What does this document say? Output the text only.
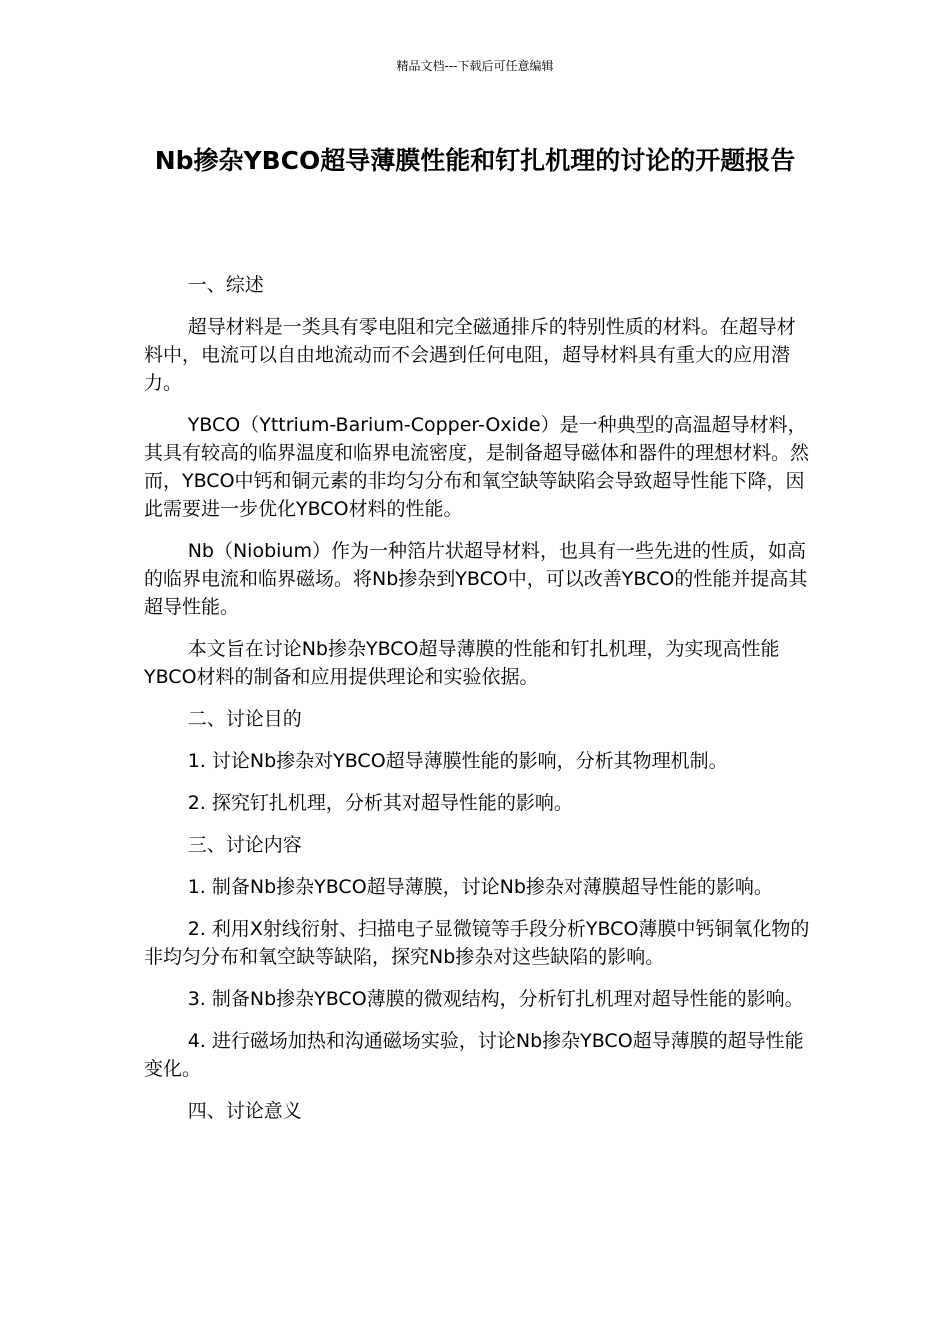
精品文档---下载后可任意编辑
Nb掺杂YBCO超导薄膜性能和钉扎机理的讨论的开题报告

一、综述

超导材料是一类具有零电阻和完全磁通排斥的特别性质的材料。在超导材料中，电流可以自由地流动而不会遇到任何电阻，超导材料具有重大的应用潜力。

YBCO（Yttrium-Barium-Copper-Oxide）是一种典型的高温超导材料，其具有较高的临界温度和临界电流密度，是制备超导磁体和器件的理想材料。然而，YBCO中钙和铜元素的非均匀分布和氧空缺等缺陷会导致超导性能下降，因此需要进一步优化YBCO材料的性能。

Nb（Niobium）作为一种箔片状超导材料，也具有一些先进的性质，如高的临界电流和临界磁场。将Nb掺杂到YBCO中，可以改善YBCO的性能并提高其超导性能。

本文旨在讨论Nb掺杂YBCO超导薄膜的性能和钉扎机理，为实现高性能YBCO材料的制备和应用提供理论和实验依据。

二、讨论目的

1. 讨论Nb掺杂对YBCO超导薄膜性能的影响，分析其物理机制。

2. 探究钉扎机理，分析其对超导性能的影响。

三、讨论内容

1. 制备Nb掺杂YBCO超导薄膜，讨论Nb掺杂对薄膜超导性能的影响。

2. 利用X射线衍射、扫描电子显微镜等手段分析YBCO薄膜中钙铜氧化物的非均匀分布和氧空缺等缺陷，探究Nb掺杂对这些缺陷的影响。

3. 制备Nb掺杂YBCO薄膜的微观结构，分析钉扎机理对超导性能的影响。

4. 进行磁场加热和沟通磁场实验，讨论Nb掺杂YBCO超导薄膜的超导性能变化。

四、讨论意义
